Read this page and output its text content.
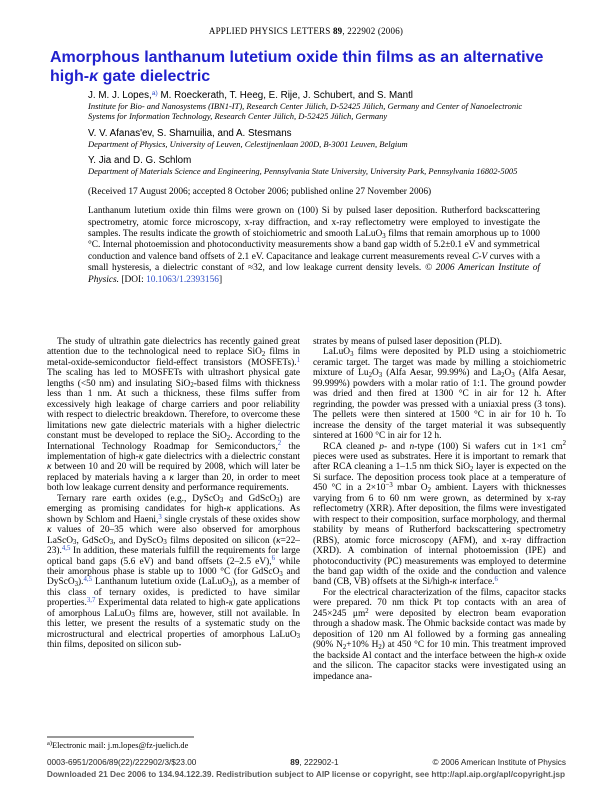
APPLIED PHYSICS LETTERS 89, 222902 (2006)
Amorphous lanthanum lutetium oxide thin films as an alternative high-κ gate dielectric
J. M. J. Lopes,$^{a)}$ M. Roeckerath, T. Heeg, E. Rije, J. Schubert, and S. Mantl
Institute for Bio- and Nanosystems (IBN1-IT), Research Center Jülich, D-52425 Jülich, Germany and Center of Nanoelectronic Systems for Information Technology, Research Center Jülich, D-52425 Jülich, Germany
V. V. Afanas'ev, S. Shamuilia, and A. Stesmans
Department of Physics, University of Leuven, Celestijnenlaan 200D, B-3001 Leuven, Belgium
Y. Jia and D. G. Schlom
Department of Materials Science and Engineering, Pennsylvania State University, University Park, Pennsylvania 16802-5005
(Received 17 August 2006; accepted 8 October 2006; published online 27 November 2006)
Lanthanum lutetium oxide thin films were grown on (100) Si by pulsed laser deposition. Rutherford backscattering spectrometry, atomic force microscopy, x-ray diffraction, and x-ray reflectometry were employed to investigate the samples. The results indicate the growth of stoichiometric and smooth LaLuO$_3$ films that remain amorphous up to 1000 °C. Internal photoemission and photoconductivity measurements show a band gap width of 5.2±0.1 eV and symmetrical conduction and valence band offsets of 2.1 eV. Capacitance and leakage current measurements reveal C-V curves with a small hysteresis, a dielectric constant of ≈32, and low leakage current density levels. © 2006 American Institute of Physics. [DOI: 10.1063/1.2393156]

The study of ultrathin gate dielectrics has recently gained great attention due to the technological need to replace SiO$_2$ films in metal-oxide-semiconductor field-effect transistors (MOSFETs).$^1$ The scaling has led to MOSFETs with ultrashort physical gate lengths (<50 nm) and insulating SiO$_2$-based films with thickness less than 1 nm. At such a thickness, these films suffer from excessively high leakage of charge carriers and poor reliability with respect to dielectric breakdown. Therefore, to overcome these limitations new gate dielectric materials with a higher dielectric constant must be developed to replace the SiO$_2$. According to the International Technology Roadmap for Semiconductors,$^2$ the implementation of high-κ gate dielectrics with a dielectric constant κ between 10 and 20 will be required by 2008, which will later be replaced by materials having a κ larger than 20, in order to meet both low leakage current density and performance requirements.

Ternary rare earth oxides (e.g., DyScO$_3$ and GdScO$_3$) are emerging as promising candidates for high-κ applications. As shown by Schlom and Haeni,$^3$ single crystals of these oxides show κ values of 20–35 which were also observed for amorphous LaScO$_3$, GdScO$_3$, and DyScO$_3$ films deposited on silicon (κ=22–23).$^{4,5}$ In addition, these materials fulfill the requirements for large optical band gaps (5.6 eV) and band offsets (2–2.5 eV),$^6$ while their amorphous phase is stable up to 1000 °C (for GdScO$_3$ and DyScO$_3$).$^{4,5}$ Lanthanum lutetium oxide (LaLuO$_3$), as a member of this class of ternary oxides, is predicted to have similar properties.$^{3,7}$ Experimental data related to high-κ gate applications of amorphous LaLuO$_3$ films are, however, still not available. In this letter, we present the results of a systematic study on the microstructural and electrical properties of amorphous LaLuO$_3$ thin films, deposited on silicon sub-

strates by means of pulsed laser deposition (PLD).

LaLuO$_3$ films were deposited by PLD using a stoichiometric ceramic target. The target was made by milling a stoichiometric mixture of $Lu_2O_3$ (Alfa Aesar, 99.99%) and $La_2O_3$ (Alfa Aesar, 99.999%) powders with a molar ratio of 1:1. The ground powder was dried and then fired at 1300 °C in air for 12 h. After regrinding, the powder was pressed with a uniaxial press (3 tons). The pellets were then sintered at 1500 °C in air for 10 h. To increase the density of the target material it was subsequently sintered at 1600 °C in air for 12 h.

RCA cleaned p- and n-type (100) Si wafers cut in 1×1 $cm^2$ pieces were used as substrates. Here it is important to remark that after RCA cleaning a 1–1.5 nm thick SiO$_2$ layer is expected on the Si surface. The deposition process took place at a temperature of 450 °C in a $2\times 10^{-3}$ mbar $O_2$ ambient. Layers with thicknesses varying from 6 to 60 nm were grown, as determined by x-ray reflectometry (XRR). After deposition, the films were investigated with respect to their composition, surface morphology, and thermal stability by means of Rutherford backscattering spectrometry (RBS), atomic force microscopy (AFM), and x-ray diffraction (XRD). A combination of internal photoemission (IPE) and photoconductivity (PC) measurements was employed to determine the band gap width of the oxide and the conduction and valence band (CB, VB) offsets at the Si/high-κ interface.$^6$

For the electrical characterization of the films, capacitor stacks were prepared. 70 nm thick Pt top contacts with an area of 245×245 $\mu m^2$ were deposited by electron beam evaporation through a shadow mask. The Ohmic backside contact was made by deposition of 120 nm Al followed by a forming gas annealing (90% $N_2+10\%$ $H_2$) at 450 °C for 10 min. This treatment improved the backside Al contact and the interface between the high-κ oxide and the silicon. The capacitor stacks were investigated using an impedance ana-

$^{a)}$Electronic mail: j.m.lopes@fz-juelich.de
0003-6951/2006/89(22)/222902/3/$23.00	89, 222902-1	© 2006 American Institute of Physics
Downloaded 21 Dec 2006 to 134.94.122.39. Redistribution subject to AIP license or copyright, see http://apl.aip.org/apl/copyright.jsp
